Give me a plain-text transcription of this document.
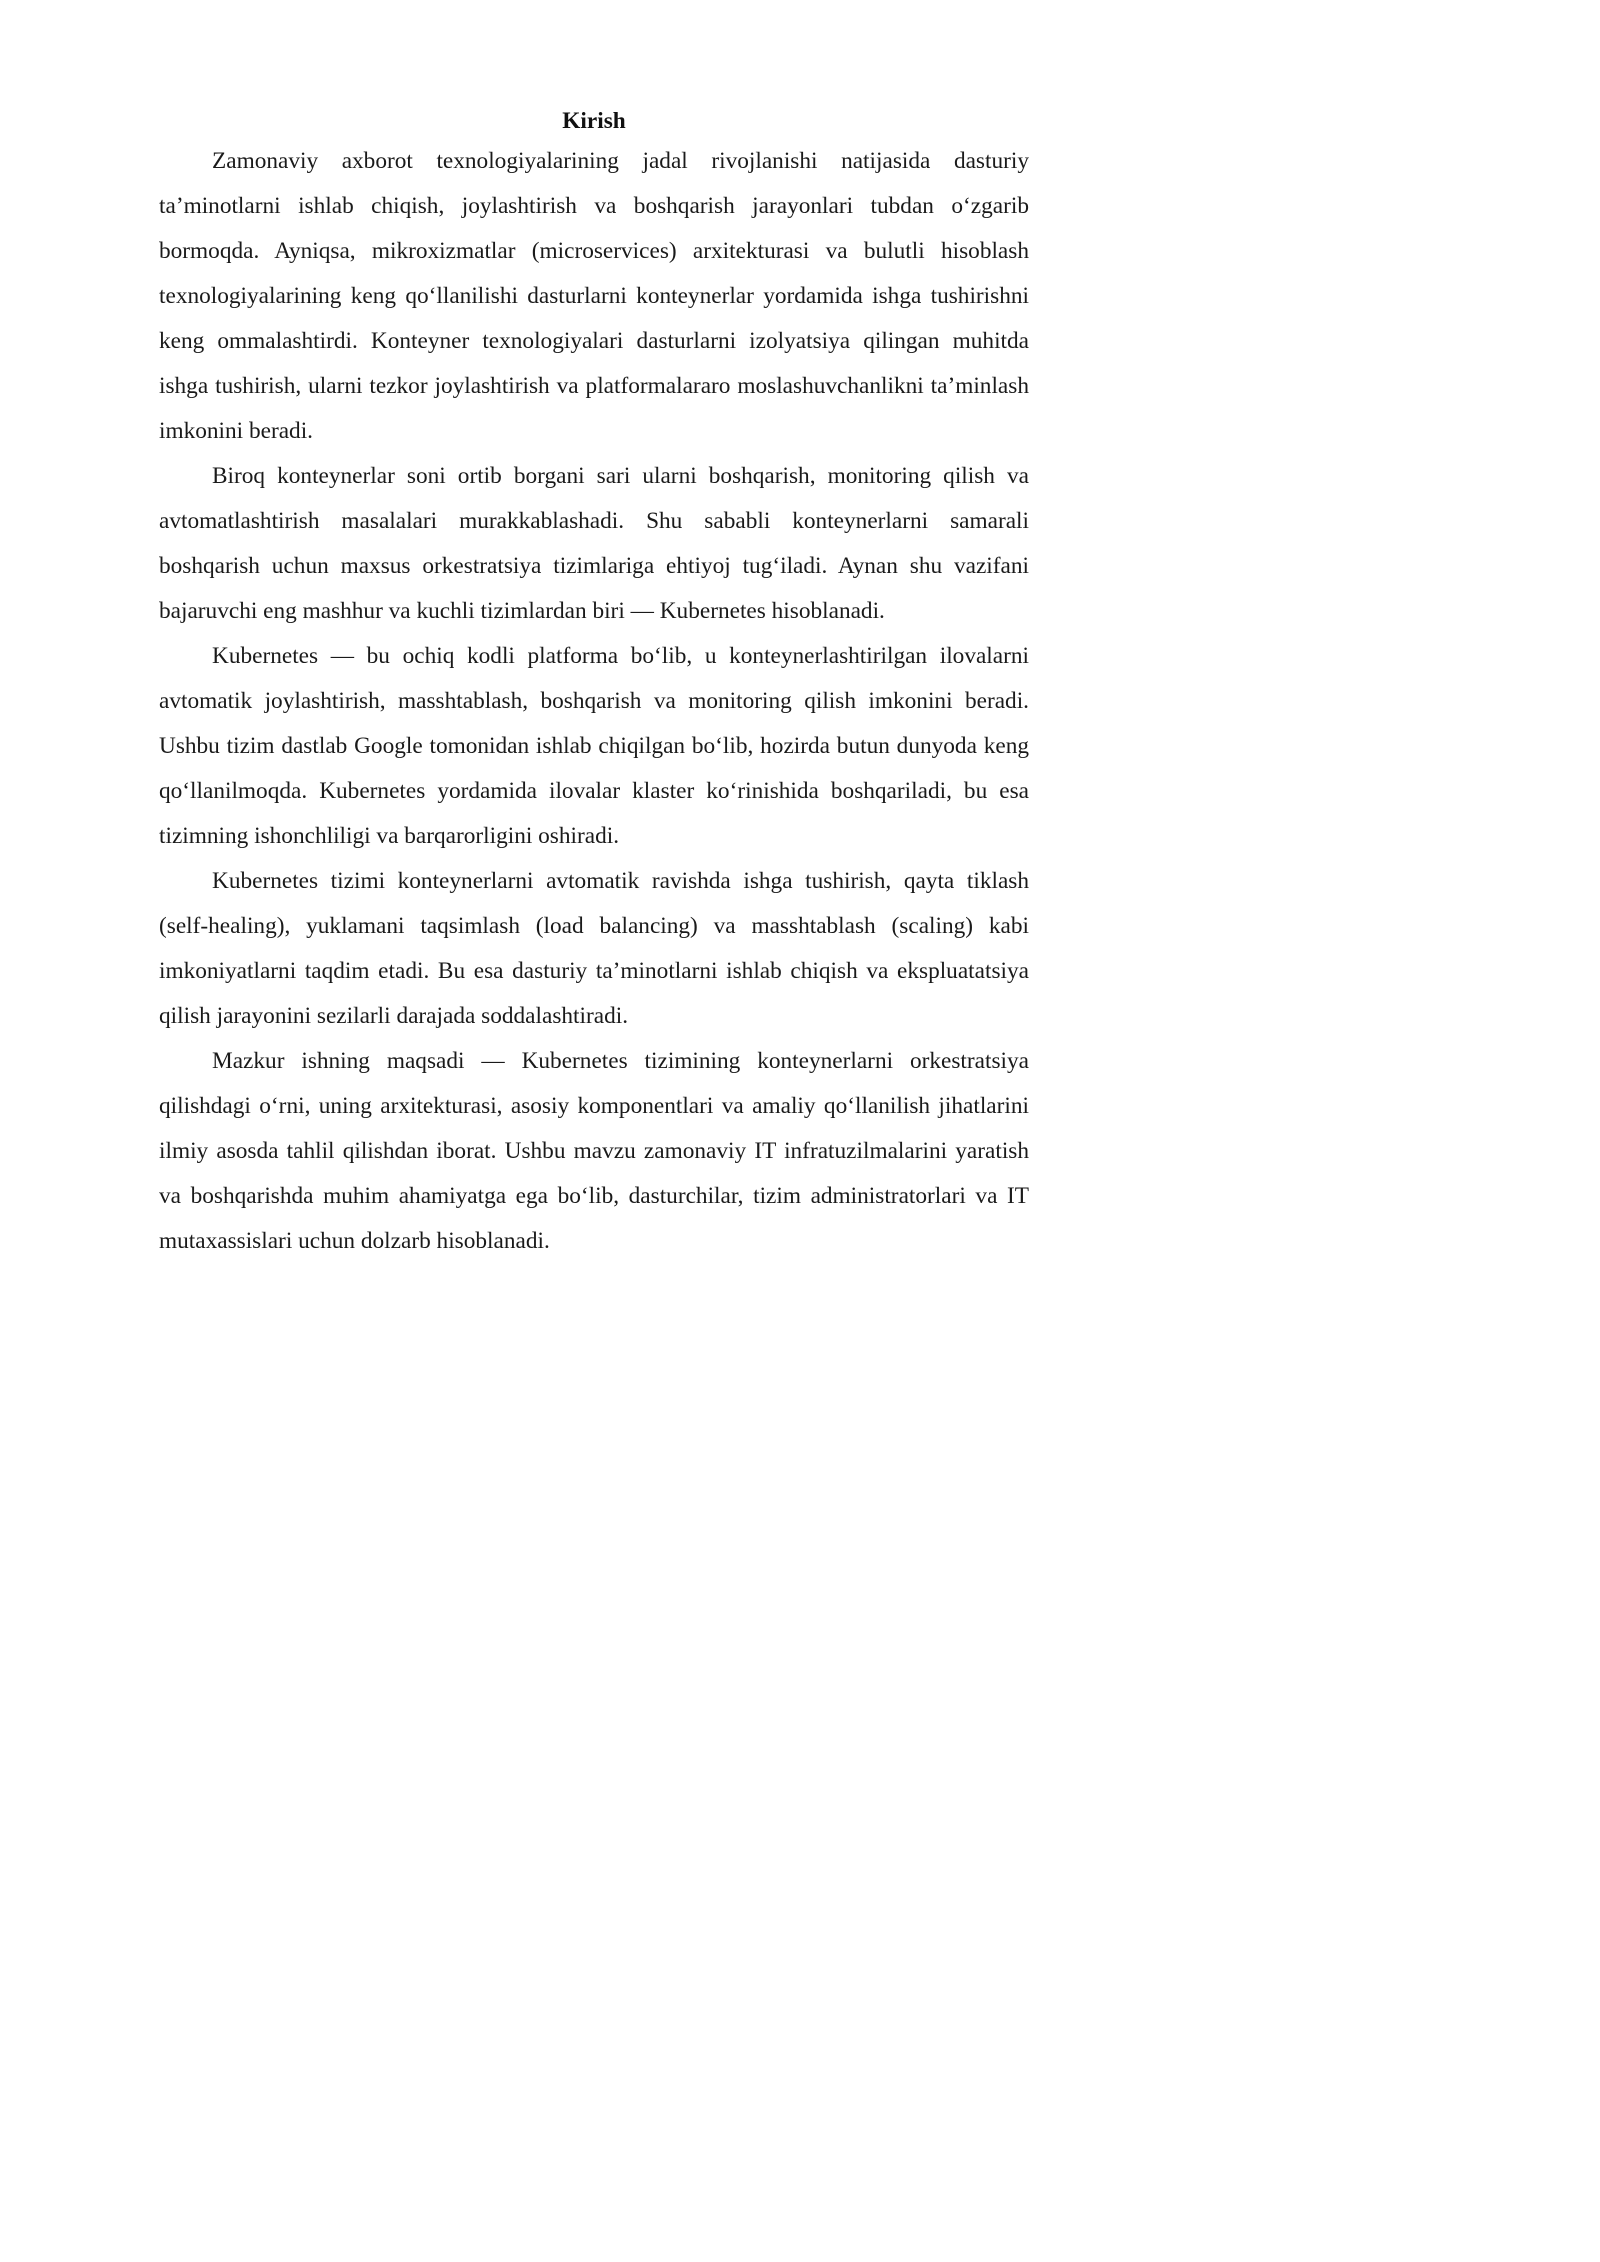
Kirish

Zamonaviy axborot texnologiyalarining jadal rivojlanishi natijasida dasturiy ta’minotlarni ishlab chiqish, joylashtirish va boshqarish jarayonlari tubdan o‘zgarib bormoqda. Ayniqsa, mikroxizmatlar (microservices) arxitekturasi va bulutli hisoblash texnologiyalarining keng qo‘llanilishi dasturlarni konteynerlar yordamida ishga tushirishni keng ommalashtirdi. Konteyner texnologiyalari dasturlarni izolyatsiya qilingan muhitda ishga tushirish, ularni tezkor joylashtirish va platformalararo moslashuvchanlikni ta’minlash imkonini beradi.

Biroq konteynerlar soni ortib borgani sari ularni boshqarish, monitoring qilish va avtomatlashtirish masalalari murakkablashadi. Shu sababli konteynerlarni samarali boshqarish uchun maxsus orkestratsiya tizimlariga ehtiyoj tug‘iladi. Aynan shu vazifani bajaruvchi eng mashhur va kuchli tizimlardan biri — Kubernetes hisoblanadi.

Kubernetes — bu ochiq kodli platforma bo‘lib, u konteynerlashtirilgan ilovalarni avtomatik joylashtirish, masshtablash, boshqarish va monitoring qilish imkonini beradi. Ushbu tizim dastlab Google tomonidan ishlab chiqilgan bo‘lib, hozirda butun dunyoda keng qo‘llanilmoqda. Kubernetes yordamida ilovalar klaster ko‘rinishida boshqariladi, bu esa tizimning ishonchliligi va barqarorligini oshiradi.

Kubernetes tizimi konteynerlarni avtomatik ravishda ishga tushirish, qayta tiklash (self-healing), yuklamani taqsimlash (load balancing) va masshtablash (scaling) kabi imkoniyatlarni taqdim etadi. Bu esa dasturiy ta’minotlarni ishlab chiqish va ekspluatatsiya qilish jarayonini sezilarli darajada soddalashtiradi.

Mazkur ishning maqsadi — Kubernetes tizimining konteynerlarni orkestratsiya qilishdagi o‘rni, uning arxitekturasi, asosiy komponentlari va amaliy qo‘llanilish jihatlarini ilmiy asosda tahlil qilishdan iborat. Ushbu mavzu zamonaviy IT infratuzilmalarini yaratish va boshqarishda muhim ahamiyatga ega bo‘lib, dasturchilar, tizim administratorlari va IT mutaxassislari uchun dolzarb hisoblanadi.
